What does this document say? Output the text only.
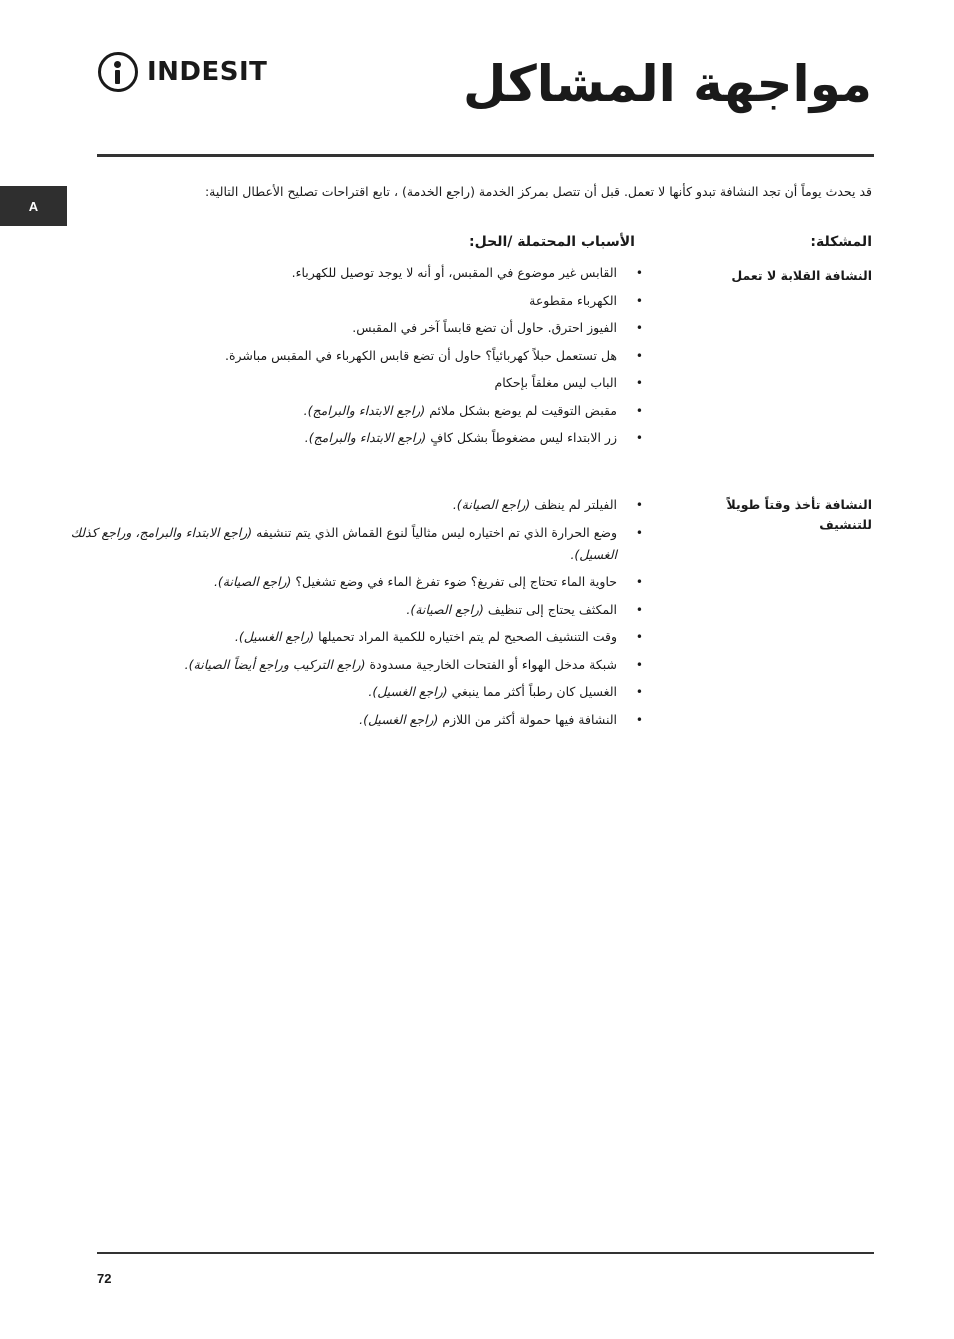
INDESIT	مواجهة المشاكل
A
قد يحدث يوماً أن تجد النشافة تبدو كأنها لا تعمل. قبل أن تتصل بمركز الخدمة (راجع الخدمة) ، تابع اقتراحات تصليح الأعطال التالية:
المشكلة:
الأسباب المحتملة /الحل:
النشافة القلابة لا تعمل
القابس غير موضوع في المقبس، أو أنه لا يوجد توصيل للكهرباء. •
الكهرباء مقطوعة •
الفيوز احترق. حاول أن تضع قابساً آخر في المقبس. •
هل تستعمل حبلاً كهربائياً؟ حاول أن تضع قابس الكهرباء في المقبس مباشرة. •
الباب ليس مغلقاً بإحكام •
مقبض التوقيت لم يوضع بشكل ملائم (راجع الابتداء والبرامج). •
زر الابتداء ليس مضغوطاً بشكل كافٍ (راجع الابتداء والبرامج). •
النشافة تأخذ وقتاً طويلاً للتنشيف
الفيلتر لم ينظف (راجع الصيانة). •
وضع الحرارة الذي تم اختياره ليس مثالياً لنوع القماش الذي يتم تنشيفه (راجع الابتداء والبرامج، وراجع كذلك الغسيل). •
حاوية الماء تحتاج إلى تفريغ؟ ضوء تفرغ الماء في وضع تشغيل؟ (راجع الصيانة). •
المكثف يحتاج إلى تنظيف (راجع الصيانة). •
وقت التنشيف الصحيح لم يتم اختياره للكمية المراد تحميلها (راجع الغسيل). •
شبكة مدخل الهواء أو الفتحات الخارجية مسدودة (راجع التركيب وراجع أيضاً الصيانة). •
الغسيل كان رطباً أكثر مما ينبغي (راجع الغسيل). •
النشافة فيها حمولة أكثر من اللازم (راجع الغسيل). •
72
